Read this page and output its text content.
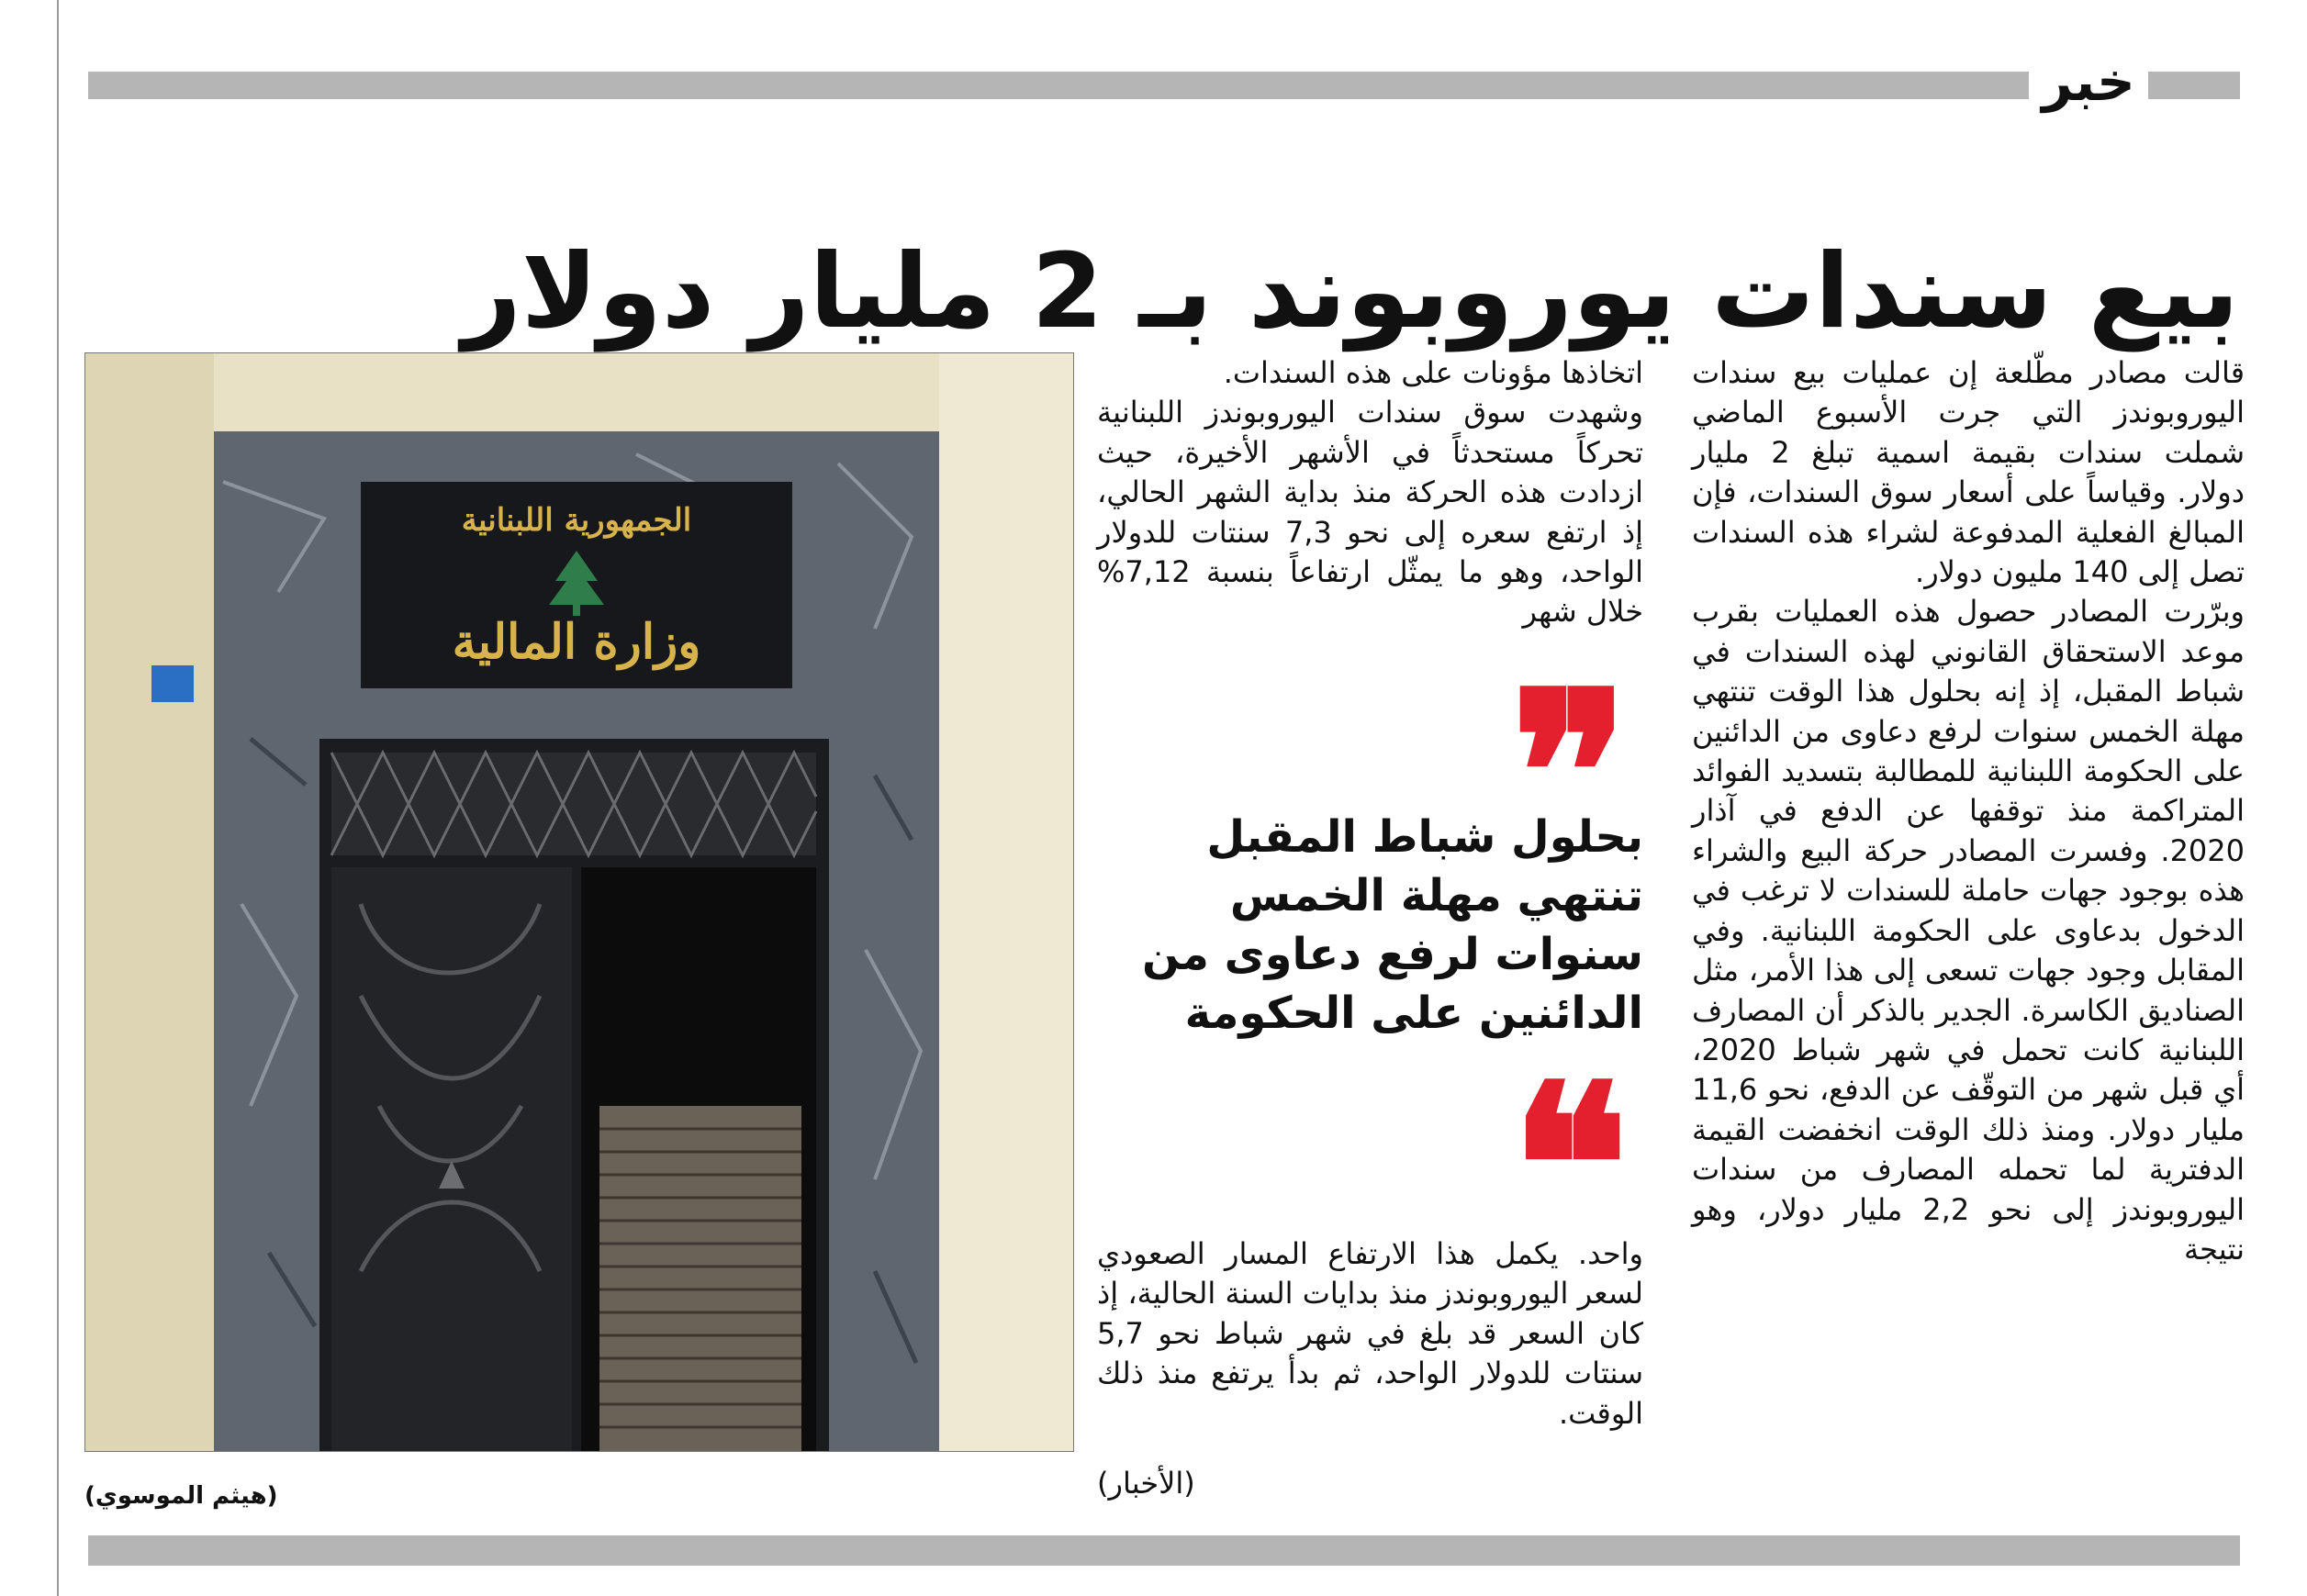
خبر
بيع سندات يوروبوند بـ 2 مليار دولار

قالت مصادر مطّلعة إن عمليات بيع سندات اليوروبوندز التي جرت الأسبوع الماضي شملت سندات بقيمة اسمية تبلغ 2 مليار دولار. وقياساً على أسعار سوق السندات، فإن المبالغ الفعلية المدفوعة لشراء هذه السندات تصل إلى 140 مليون دولار.

وبرّرت المصادر حصول هذه العمليات بقرب موعد الاستحقاق القانوني لهذه السندات في شباط المقبل، إذ إنه بحلول هذا الوقت تنتهي مهلة الخمس سنوات لرفع دعاوى من الدائنين على الحكومة اللبنانية للمطالبة بتسديد الفوائد المتراكمة منذ توقفها عن الدفع في آذار 2020. وفسرت المصادر حركة البيع والشراء هذه بوجود جهات حاملة للسندات لا ترغب في الدخول بدعاوى على الحكومة اللبنانية. وفي المقابل وجود جهات تسعى إلى هذا الأمر، مثل الصناديق الكاسرة. الجدير بالذكر أن المصارف اللبنانية كانت تحمل في شهر شباط 2020، أي قبل شهر من التوقّف عن الدفع، نحو 11,6 مليار دولار. ومنذ ذلك الوقت انخفضت القيمة الدفترية لما تحمله المصارف من سندات اليوروبوندز إلى نحو 2,2 مليار دولار، وهو نتيجة

اتخاذها مؤونات على هذه السندات.

وشهدت سوق سندات اليوروبوندز اللبنانية تحركاً مستحدثاً في الأشهر الأخيرة، حيث ازدادت هذه الحركة منذ بداية الشهر الحالي، إذ ارتفع سعره إلى نحو 7,3 سنتات للدولار الواحد، وهو ما يمثّل ارتفاعاً بنسبة 7,12% خلال شهر

❞
بحلول شباط المقبل تنتهي مهلة الخمس سنوات لرفع دعاوى من الدائنين على الحكومة
❝

واحد. يكمل هذا الارتفاع المسار الصعودي لسعر اليوروبوندز منذ بدايات السنة الحالية، إذ كان السعر قد بلغ في شهر شباط نحو 5,7 سنتات للدولار الواحد، ثم بدأ يرتفع منذ ذلك الوقت.

(الأخبار)
الجمهورية اللبنانية
وزارة المالية
(هيثم الموسوي)
